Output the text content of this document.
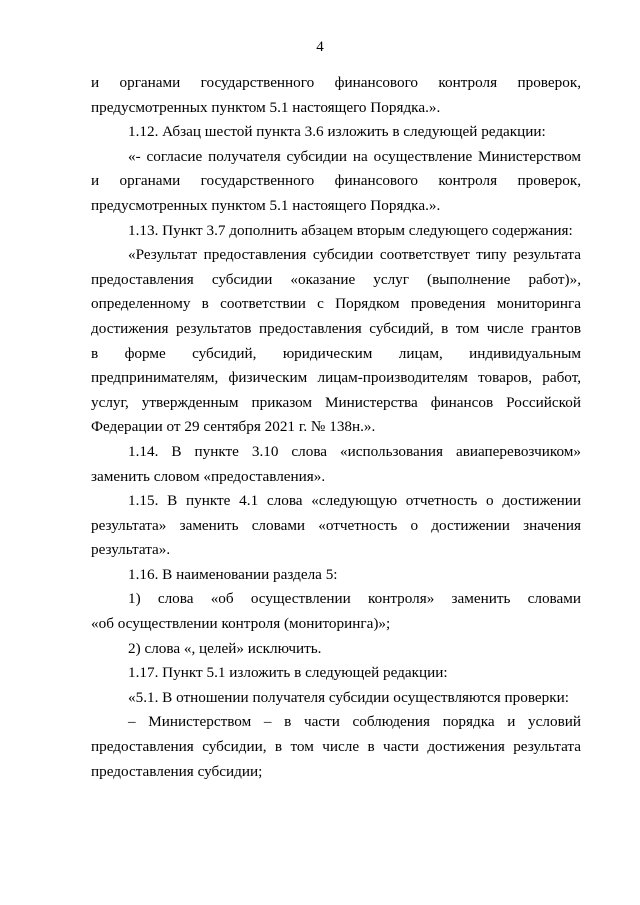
4
и органами государственного финансового контроля проверок,
предусмотренных пунктом 5.1 настоящего Порядка.».
1.12. Абзац шестой пункта 3.6 изложить в следующей редакции:
«- согласие получателя субсидии на осуществление Министерством
и органами государственного финансового контроля проверок,
предусмотренных пунктом 5.1 настоящего Порядка.».
1.13. Пункт 3.7 дополнить абзацем вторым следующего содержания:
«Результат предоставления субсидии соответствует типу результата
предоставления субсидии «оказание услуг (выполнение работ)»,
определенному в соответствии с Порядком проведения мониторинга
достижения результатов предоставления субсидий, в том числе грантов
в форме субсидий, юридическим лицам, индивидуальным
предпринимателям, физическим лицам-производителям товаров, работ,
услуг, утвержденным приказом Министерства финансов Российской
Федерации от 29 сентября 2021 г. № 138н.».
1.14. В пункте 3.10 слова «использования авиаперевозчиком»
заменить словом «предоставления».
1.15. В пункте 4.1 слова «следующую отчетность о достижении
результата» заменить словами «отчетность о достижении значения
результата».
1.16. В наименовании раздела 5:
1) слова «об осуществлении контроля» заменить словами
«об осуществлении контроля (мониторинга)»;
2) слова «, целей» исключить.
1.17. Пункт 5.1 изложить в следующей редакции:
«5.1. В отношении получателя субсидии осуществляются проверки:
– Министерством – в части соблюдения порядка и условий
предоставления субсидии, в том числе в части достижения результата
предоставления субсидии;
